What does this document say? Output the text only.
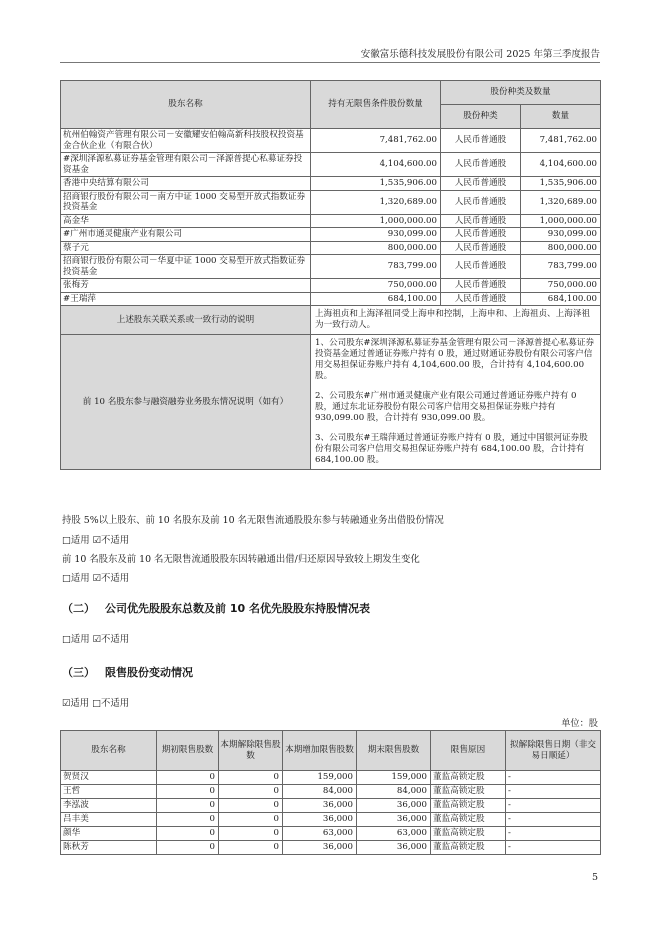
安徽富乐德科技发展股份有限公司 2025 年第三季度报告
股东名称	持有无限售条件股份数量	股份种类及数量	
		股份种类	数量
杭州伯翰资产管理有限公司－安徽耀安伯翰高新科技股权投资基金合伙企业（有限合伙）	7,481,762.00	人民币普通股	7,481,762.00
#深圳泽源私募证券基金管理有限公司－泽源普提心私募证券投资基金	4,104,600.00	人民币普通股	4,104,600.00
香港中央结算有限公司	1,535,906.00	人民币普通股	1,535,906.00
招商银行股份有限公司－南方中证 1000 交易型开放式指数证券投资基金	1,320,689.00	人民币普通股	1,320,689.00
高金华	1,000,000.00	人民币普通股	1,000,000.00
#广州市通灵健康产业有限公司	930,099.00	人民币普通股	930,099.00
蔡子元	800,000.00	人民币普通股	800,000.00
招商银行股份有限公司－华夏中证 1000 交易型开放式指数证券投资基金	783,799.00	人民币普通股	783,799.00
张梅芳	750,000.00	人民币普通股	750,000.00
#王瑞萍	684,100.00	人民币普通股	684,100.00
上述股东关联关系或一致行动的说明	上海祖贞和上海泽祖同受上海申和控制，上海申和、上海祖贞、上海泽祖为一致行动人。		
前 10 名股东参与融资融券业务股东情况说明（如有）	1、公司股东#深圳泽源私募证券基金管理有限公司－泽源普提心私募证券投资基金通过普通证券账户持有 0 股，通过财通证券股份有限公司客户信用交易担保证券账户持有 4,104,600.00 股，合计持有 4,104,600.00 股。

2、公司股东#广州市通灵健康产业有限公司通过普通证券账户持有 0 股，通过东北证券股份有限公司客户信用交易担保证券账户持有 930,099.00 股，合计持有 930,099.00 股。

3、公司股东#王瑞萍通过普通证券账户持有 0 股，通过中国银河证券股份有限公司客户信用交易担保证券账户持有 684,100.00 股，合计持有 684,100.00 股。		

持股 5%以上股东、前 10 名股东及前 10 名无限售流通股股东参与转融通业务出借股份情况
□适用 ☑不适用
前 10 名股东及前 10 名无限售流通股股东因转融通出借/归还原因导致较上期发生变化
□适用 ☑不适用
（二） 公司优先股股东总数及前 10 名优先股股东持股情况表
□适用 ☑不适用
（三） 限售股份变动情况
☑适用 □不适用
单位：股
股东名称	期初限售股数	本期解除限售股数	本期增加限售股数	期末限售股数	限售原因	拟解除限售日期（非交易日顺延）
贺贤汉	0	0	159,000	159,000	董监高锁定股	-
王哲	0	0	84,000	84,000	董监高锁定股	-
李泓波	0	0	36,000	36,000	董监高锁定股	-
吕丰美	0	0	36,000	36,000	董监高锁定股	-
颜华	0	0	63,000	63,000	董监高锁定股	-
陈秋芳	0	0	36,000	36,000	董监高锁定股	-
5
